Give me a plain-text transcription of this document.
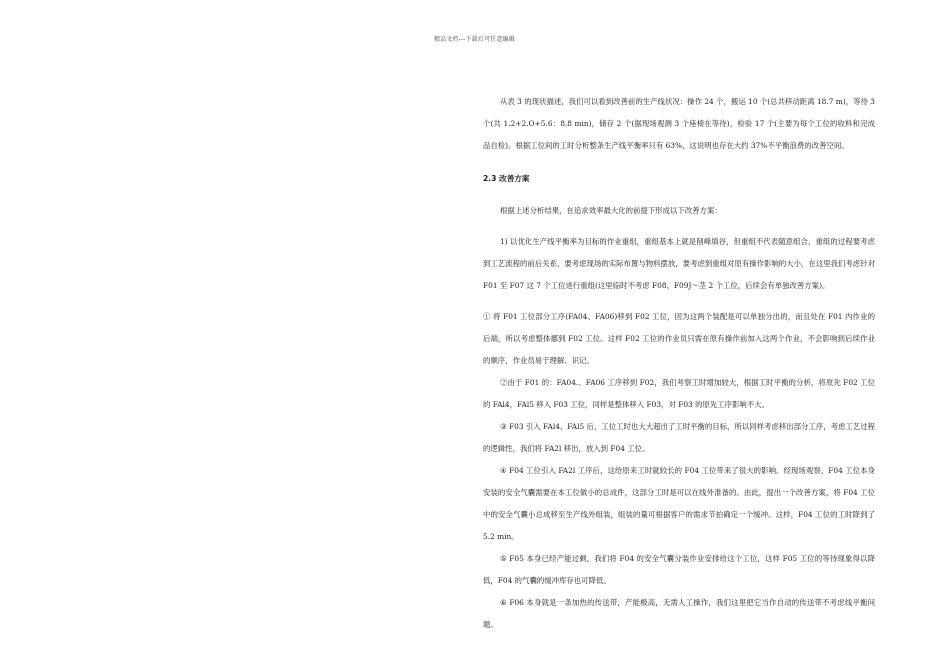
精品文档---下载后可任意编辑

从表 3 的现状描述，我们可以看到改善前的生产线状况：操作 24 个，搬运 10 个(总共移动距离 18.7 m)，等待 3 个(共 1.2+2.O+5.6：8.8 min)，储存 2 个(据现场观测 3 个座椅在等待)，检验 17 个(主要为每个工位的收料和完成品自检)。根据工位间的工时分析整条生产线平衡率只有 63%，这说明也存在大约 37%不平衡浪费的改善空间。

2.3 改善方案

根据上述分析结果，在追求效率最大化的前提下形成以下改善方案：

1) 以优化生产线平衡率为目标的作业重组，重组基本上就是削峰填谷，但重组不代表随意组合，重组的过程要考虑到工艺流程的前后关系，要考虑现场的实际布置与物料摆放，要考虑到重组对原有操作影响的大小，在这里我们考虑针对 F01 至 F07 这 7 个工位进行重组(这里临时不考虑 F08、F09J～茎 2 个工位，后续会有单独改善方案)。

① 将 F01 工位部分工序(FA04、FA06)移到 F02 工位，因为这两个装配是可以单独分出的，而且处在 F01 内作业的后端，所以考虑整体挪到 F02 工位。这样 F02 工位的作业员只需在原有操作前加入这两个作业，不会影响到后续作业的顺序，作业员易于理解、识记。

②由于 F01 的：FA04.、FA06 工序移到 F02，我们考察工时增加较大，根据工时平衡的分析，将原先 F02 工位的 FAl4，FAl5 移入 F03 工位，同样是整体移入 F03，对 F03 的原先工序影响不大。

③ F03 引入 FAl4、FAl5 后，工位工时也大大超出了工时平衡的目标，所以同样考虑移出部分工序，考虑工艺过程的逻辑性，我们将 FA2l 移出，放入到 F04 工位。

④ F04 工位引入 FA2l 工序后，这给原来工时就较长的 F04 工位带来了很大的影响。经现场观察，F04 工位本身安装的安全气囊需要在本工位做小的总成件，这部分工时是可以在线外准备的。由此，提出一个改善方案，将 F04 工位中的安全气囊小总成移至生产线外组装，组装的量可根据客户的需求节拍确定一个缓冲。这样，F04 工位的工时降到了 5.2 min。

⑤ F05 本身已经产能过剩，我们将 F04 的安全气囊分装作业安排给这个工位，这样 F05 工位的等待现象得以降低，F04 的气囊的缓冲库存也可降低。

⑥ F06 本身就是一条加热的传送带，产能极高，无需人工操作，我们这里把它当作自动的传送带不考虑线平衡问题。
